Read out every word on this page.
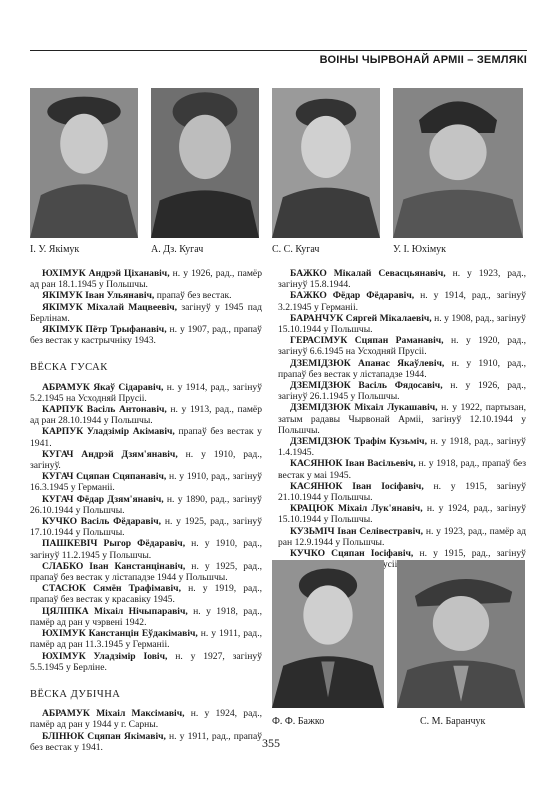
ВОІНЫ ЧЫРВОНАЙ АРМІІ – ЗЕМЛЯКІ
І. У. Якімук	А. Дз. Кугач	С. С. Кугач	У. І. Юхімук

ЮХІМУК Андрэй Ціханавіч, н. у 1926, рад., памёр ад ран 18.1.1945 у Польшчы.

ЯКІМУК Іван Ульянавіч, прапаў без вестак.

ЯКІМУК Міхалай Мацвеевіч, загінуў у 1945 пад Берлінам.

ЯКІМУК Пётр Трыфанавіч, н. у 1907, рад., прапаў без вестак у кастрычніку 1943.

ВЁСКА ГУСАК

АБРАМУК Якаў Сідаравіч, н. у 1914, рад., загінуў 5.2.1945 на Усходняй Прусіі.

КАРПУК Васіль Антонавіч, н. у 1913, рад., памёр ад ран 28.10.1944 у Польшчы.

КАРПУК Уладзімір Акімавіч, прапаў без вестак у 1941.

КУГАЧ Андрэй Дзям'янавіч, н. у 1910, рад., загінуў.

КУГАЧ Сцяпан Сцяпанавіч, н. у 1910, рад., загінуў 16.3.1945 у Германіі.

КУГАЧ Фёдар Дзям'янавіч, н. у 1890, рад., загінуў 26.10.1944 у Польшчы.

КУЧКО Васіль Фёдаравіч, н. у 1925, рад., загінуў 17.10.1944 у Польшчы.

ПАШКЕВІЧ Рыгор Фёдаравіч, н. у 1910, рад., загінуў 11.2.1945 у Польшчы.

СЛАБКО Іван Канстанцінавіч, н. у 1925, рад., прапаў без вестак у лістападзе 1944 у Польшчы.

СТАСЮК Сямён Трафімавіч, н. у 1919, рад., прапаў без вестак у красавіку 1945.

ЦЯЛІПКА Міхаіл Нічыпаравіч, н. у 1918, рад., памёр ад ран у чэрвені 1942.

ЮХІМУК Канстанцін Еўдакімавіч, н. у 1911, рад., памёр ад ран 11.3.1945 у Германіі.

ЮХІМУК Уладзімір Іовіч, н. у 1927, загінуў 5.5.1945 у Берліне.

ВЁСКА ДУБІЧНА

АБРАМУК Міхаіл Максімавіч, н. у 1924, рад., памёр ад ран у 1944 у г. Сарны.

БЛІНЮК Сцяпан Якімавіч, н. у 1911, рад., прапаў без вестак у 1941.

БАЖКО Мікалай Севасцьянавіч, н. у 1923, рад., загінуў 15.8.1944.

БАЖКО Фёдар Фёдаравіч, н. у 1914, рад., загінуў 3.2.1945 у Германіі.

БАРАНЧУК Сяргей Мікалаевіч, н. у 1908, рад., загінуў 15.10.1944 у Польшчы.

ГЕРАСІМУК Сцяпан Раманавіч, н. у 1920, рад., загінуў 6.6.1945 на Усходняй Прусіі.

ДЗЕМІДЗЮК Апанас Якаўлевіч, н. у 1910, рад., прапаў без вестак у лістападзе 1944.

ДЗЕМІДЗЮК Васіль Фядосавіч, н. у 1926, рад., загінуў 26.1.1945 у Польшчы.

ДЗЕМІДЗЮК Міхаіл Лукашавіч, н. у 1922, партызан, затым радавы Чырвонай Арміі, загінуў 12.10.1944 у Польшчы.

ДЗЕМІДЗЮК Трафім Кузьміч, н. у 1918, рад., загінуў 1.4.1945.

КАСЯНЮК Іван Васільевіч, н. у 1918, рад., прапаў без вестак у маі 1945.

КАСЯНЮК Іван Іосіфавіч, н. у 1915, загінуў 21.10.1944 у Польшчы.

КРАЦЮК Міхаіл Лук'янавіч, н. у 1924, рад., загінуў 15.10.1944 у Польшчы.

КУЗЬМІЧ Іван Селівестравіч, н. у 1923, рад., памёр ад ран 12.9.1944 у Польшчы.

КУЧКО Сцяпан Іосіфавіч, н. у 1915, рад., загінуў Прусіі.

Ф. Ф. Бажко	С. М. Баранчук
355
